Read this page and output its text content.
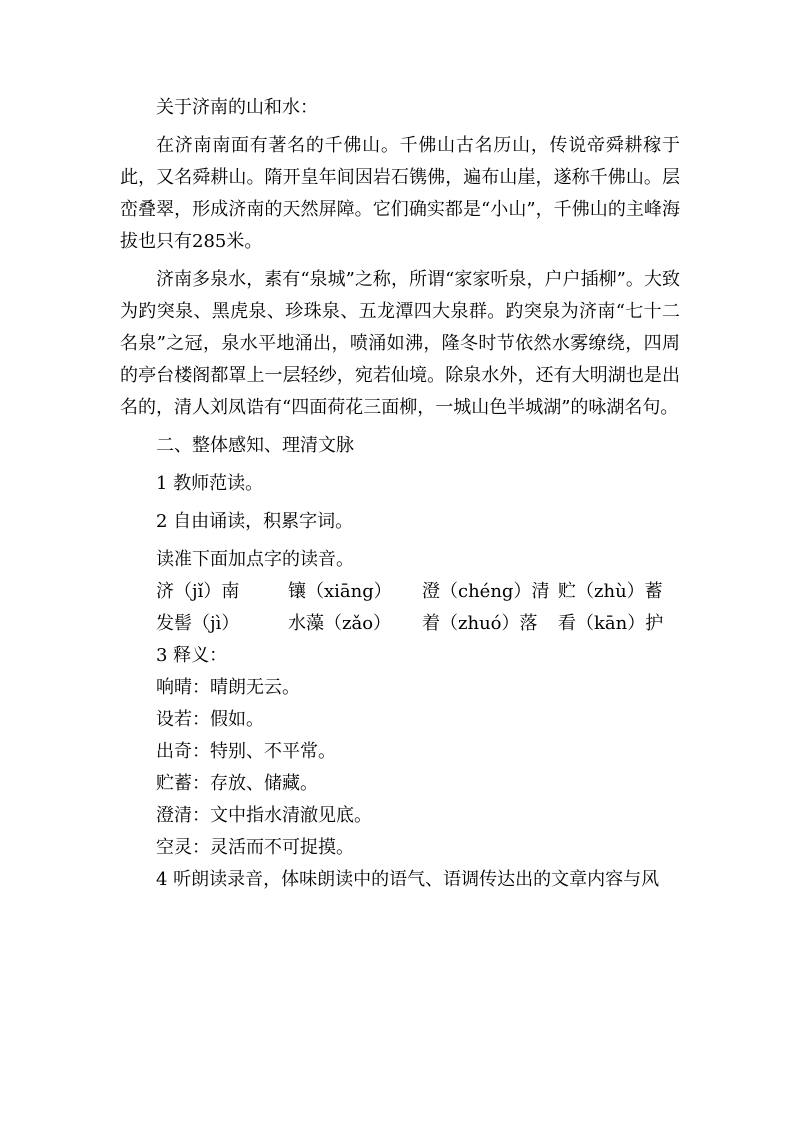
关于济南的山和水：

在济南南面有著名的千佛山。千佛山古名历山，传说帝舜耕稼于此，又名舜耕山。隋开皇年间因岩石镌佛，遍布山崖，遂称千佛山。层峦叠翠，形成济南的天然屏障。它们确实都是“小山”，千佛山的主峰海拔也只有285米。

济南多泉水，素有“泉城”之称，所谓“家家听泉，户户插柳”。大致为趵突泉、黑虎泉、珍珠泉、五龙潭四大泉群。趵突泉为济南“七十二名泉”之冠，泉水平地涌出，喷涌如沸，隆冬时节依然水雾缭绕，四周的亭台楼阁都罩上一层轻纱，宛若仙境。除泉水外，还有大明湖也是出名的，清人刘凤诰有“四面荷花三面柳，一城山色半城湖”的咏湖名句。

二、整体感知、理清文脉

1 教师范读。

2 自由诵读，积累字词。

读准下面加点字的读音。

济（jǐ）南	镶（xiāng）	澄（chéng）清 贮（zhù）蓄
发髻（jì）	水藻（zǎo）	着（zhuó）落	看（kān）护

3 释义：

响晴：晴朗无云。

设若：假如。

出奇：特别、不平常。

贮蓄：存放、储藏。

澄清：文中指水清澈见底。

空灵：灵活而不可捉摸。

4 听朗读录音，体味朗读中的语气、语调传达出的文章内容与风
